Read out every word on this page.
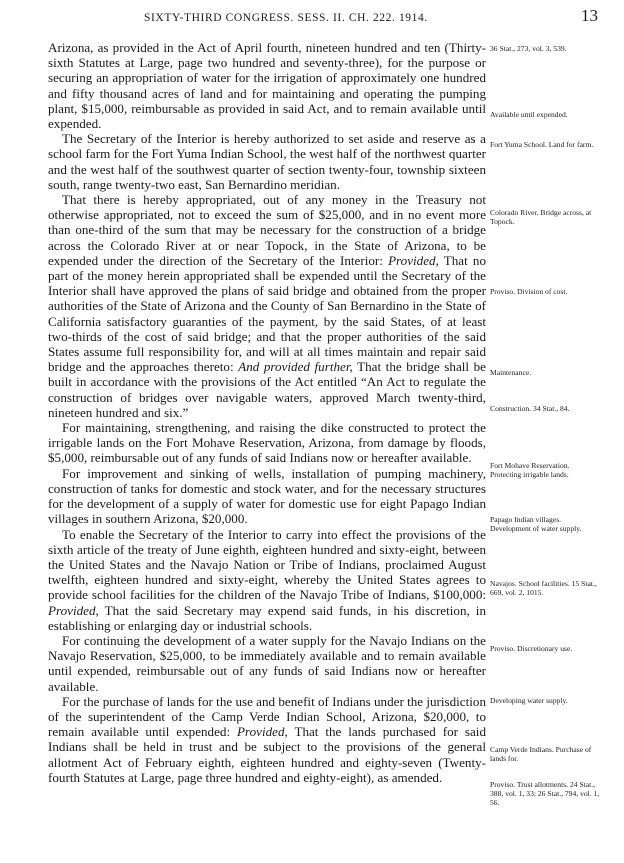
SIXTY-THIRD CONGRESS. SESS. II. CH. 222. 1914.	13

Arizona, as provided in the Act of April fourth, nineteen hundred and ten (Thirty-sixth Statutes at Large, page two hundred and seventy-three), for the purpose or securing an appropriation of water for the irrigation of approximately one hundred and fifty thousand acres of land and for maintaining and operating the pumping plant, $15,000, reimbursable as provided in said Act, and to remain available until expended.

The Secretary of the Interior is hereby authorized to set aside and reserve as a school farm for the Fort Yuma Indian School, the west half of the northwest quarter and the west half of the southwest quarter of section twenty-four, township sixteen south, range twenty-two east, San Bernardino meridian.

That there is hereby appropriated, out of any money in the Treasury not otherwise appropriated, not to exceed the sum of $25,000, and in no event more than one-third of the sum that may be necessary for the construction of a bridge across the Colorado River at or near Topock, in the State of Arizona, to be expended under the direction of the Secretary of the Interior: Provided, That no part of the money herein appropriated shall be expended until the Secretary of the Interior shall have approved the plans of said bridge and obtained from the proper authorities of the State of Arizona and the County of San Bernardino in the State of California satisfactory guaranties of the payment, by the said States, of at least two-thirds of the cost of said bridge; and that the proper authorities of the said States assume full responsibility for, and will at all times maintain and repair said bridge and the approaches thereto: And provided further, That the bridge shall be built in accordance with the provisions of the Act entitled “An Act to regulate the construction of bridges over navigable waters, approved March twenty-third, nineteen hundred and six.”

For maintaining, strengthening, and raising the dike constructed to protect the irrigable lands on the Fort Mohave Reservation, Arizona, from damage by floods, $5,000, reimbursable out of any funds of said Indians now or hereafter available.

For improvement and sinking of wells, installation of pumping machinery, construction of tanks for domestic and stock water, and for the necessary structures for the development of a supply of water for domestic use for eight Papago Indian villages in southern Arizona, $20,000.

To enable the Secretary of the Interior to carry into effect the provisions of the sixth article of the treaty of June eighth, eighteen hundred and sixty-eight, between the United States and the Navajo Nation or Tribe of Indians, proclaimed August twelfth, eighteen hundred and sixty-eight, whereby the United States agrees to provide school facilities for the children of the Navajo Tribe of Indians, $100,000: Provided, That the said Secretary may expend said funds, in his discretion, in establishing or enlarging day or industrial schools.

For continuing the development of a water supply for the Navajo Indians on the Navajo Reservation, $25,000, to be immediately available and to remain available until expended, reimbursable out of any funds of said Indians now or hereafter available.

For the purchase of lands for the use and benefit of Indians under the jurisdiction of the superintendent of the Camp Verde Indian School, Arizona, $20,000, to remain available until expended: Provided, That the lands purchased for said Indians shall be held in trust and be subject to the provisions of the general allotment Act of February eighth, eighteen hundred and eighty-seven (Twenty-fourth Statutes at Large, page three hundred and eighty-eight), as amended.

36 Stat., 273, vol. 3, 539.
Available until expended.
Fort Yuma School. Land for farm.
Colorado River. Bridge across, at Topock.
Proviso. Division of cost.
Maintenance.
Construction. 34 Stat., 84.
Fort Mohave Reservation. Protecting irrigable lands.
Papago Indian villages. Development of water supply.
Navajos. School facilities. 15 Stat., 669, vol. 2, 1015.
Proviso. Discretionary use.
Developing water supply.
Camp Verde Indians. Purchase of lands for.
Proviso. Trust allotments. 24 Stat., 388, vol. 1, 33; 26 Stat., 794, vol. 1, 56.
